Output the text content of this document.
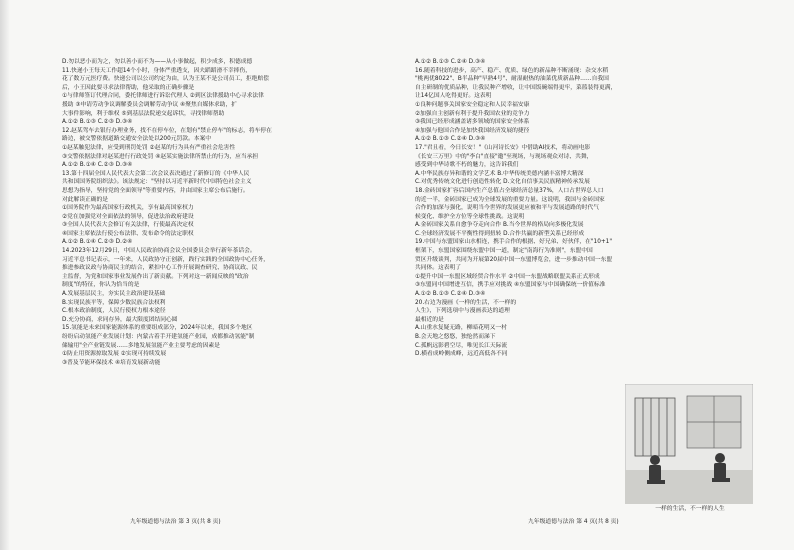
D.勿以恶小而为之，勿以善小而不为——从小事做起，积少成多，积德成德
11.快递小王每天工作超14个小时，身体严重透支，因夫蹈蹈滑不幸摔伤，
花了数万元医疗费。快递公司以公司约定为由，认为王某不是公司员工，拒绝赔偿
后，小王因此要寻求法律帮助，他采取的正确步骤是
①与律师签订代理合同，委托律师进行诉讼代理人 ②到区法律援助中心寻求法律
援助 ③申请劳动争议调解委员会调解劳动争议 ④聚焦自媒体求助，扩
大事件影响，利于维权 ⑤到基层法院递交起诉状，寻找律师帮助
A.①② B.①③ C.②③ D.③④
12.赵某驾车去银行办理业务，找不在停车位，在划有"禁止停车"的标志，将车停在
路边，被交警依据道路交通安全法处以200元罚款。本案中
①赵某触犯法律，应受到刑罚处罚 ②赵某的行为具有严重社会危害性
③交警依据法律对赵某进行行政处罚 ④赵某实施法律所禁止的行为，应当承担
A.①② B.①④ C.②③ D.③④
13.第十四届全国人民代表大会第二次会议表决通过了新修订的《中华人民
共和国国务院组织法》。该法规定："坚持以习近平新时代中国特色社会主义
思想为指导，坚持党的全面领导"等重要内容，并由国家主席公布后施行。
对此解读正确的是
①国务院作为最高国家行政机关，享有最高国家权力
②党在加强党对全面依法的领导，促进法治政府建设
③全国人民代表大会修订有关法律，行使最高决定权
④国家主席依法行使公布法律、发布命令的法定职权
A.①② B.①④ C.②③ D.②④
14.2023年12月29日，中国人民政治协商会议全国委员会举行新年茶话会。
习近平总书记表示，一年来，人民政协守正创新，践行实践的全国政协中心任务，
推进参政议政与协商民主的结合，紧扣中心工作开展调查研究、协商议政、民
主监督，为党和国家事业发展作出了新贡献。下列对这一新闻反映的"政治
制度"的特征，你认为恰当的是
A.发展基层民主，夯实民主政治建设基础
B.实现民族平等，保障少数民族合法权利
C.根本政治制度，人民行使权力根本途径
D.充分协商，求同存异，最大限度团结同心圆
15.氢能是未来国家能源体系的重要组成部分，2024年以来，我国多个地区
纷纷启动氢能产业发展计划：内蒙古着手开建氢能产业园，成都推动氢能"制
储输用"全产业链发展……多地发展氢能产业主要考虑的因素是
①防止用资源掠取发展 ②实现可持续发展
③普及节能环保技术 ④培育发展新动能
A.①② B.①③ C.②④ D.③④
16.随着科技的进步，高产、稳产、优质、绿色的新品种不断涌现：杂交水稻
"桃两优8022"、B半品种"早熟4号"、耐湿耐热的油菜优质新品种……自我国
自主研制的优质品种，让我民种产增收，让中国饭碗端得更牢，菜篮装得更满，
让14亿国人吃得更好。这表明
①良种问题事关国家安全稳定和人民幸福安康
②加强自主创新有利于提升我国农业的竞争力
③我国已经形成涵盖诸多领域的国家安全体系
④加强与他国合作是加快我国经济发展的捷径
A.①② B.①③ C.②④ D.③④
17."君且看，今日长安！"《山河诗长安》中借助AI技术，将动画电影
《长安三万里》中的"李白"直接"邀"至现场，与现场观众对诗、共舞，
感受到中华诗歌不朽的魅力，这告诉我们
A.中华民族存异和谐的文学艺术 B.中华传统美德内涵丰富博大精深
C.对优秀传统文化进行创造性转化 D.文化自信事关民族精神传承发展
18.金砖国家扩容后国内生产总值占全球经济总量37%，人口占世界总人口
的近一半，金砖国家已成为全球发展的重要力量。这说明，我国与金砖国家
合作的加深与强化，说明当今世界的发展更应被和平与发展道路的时代气
候变化、维护全方位等全球性挑战。这说明
A.金砖国家关系自愈争夺走向合作 B.当今世界的格局向多极化发展
C.全球经济发展不平衡性得到扭转 D.合作共赢的新型关系已经形成
19.中国与东盟国家山水相连，携手合作的根据、好兄弟、好伙伴，在"10+1"
框架下，东盟国家围绕东盟中国一道，制定"南海行为准则"，东盟中国
贸区升级谈判，共同为开展第20届中国一东盟博览会，进一步推动中国一东盟
共同体。这表明了
①提升中国一东盟区域经贸合作水平 ②中国一东盟战略联盟关系正式形成
③东盟同中国增进互信，携手应对挑战 ④东盟国家与中国确保统一价值标准
A.①② B.①③ C.②④ D.③④
20.右边为漫画《一样的生活，不一样的
人生》，下列选项中与漫画表达的道理
最相近的是
A.山重水复疑无路，柳暗花明又一村
B.会天地之悠悠，独怆然而涕下
C.孤帆远影碧空尽，唯见长江天际流
D.横看成岭侧成峰，远近高低各不同
一样的生活，不一样的人生
九年级道德与法治 第 3 页(共 8 页)	九年级道德与法治 第 4 页(共 8 页)
